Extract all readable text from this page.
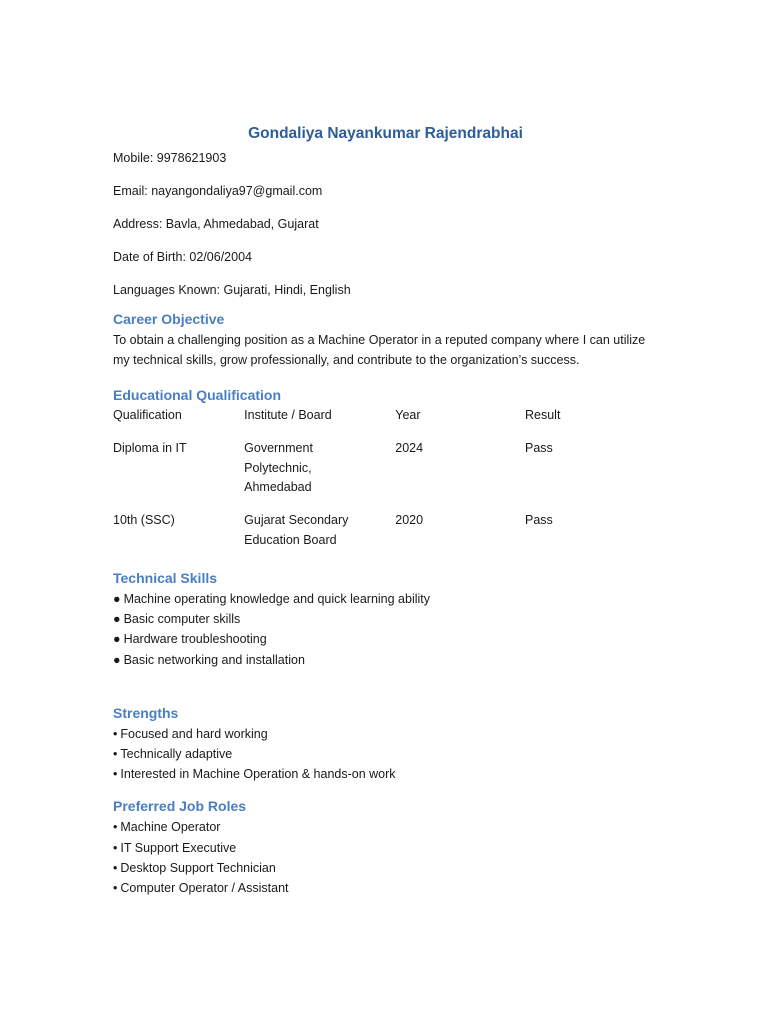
Gondaliya Nayankumar Rajendrabhai

Mobile: 9978621903

Email: nayangondaliya97@gmail.com

Address: Bavla, Ahmedabad, Gujarat

Date of Birth: 02/06/2004

Languages Known: Gujarati, Hindi, English

Career Objective

To obtain a challenging position as a Machine Operator in a reputed company where I can utilize my technical skills, grow professionally, and contribute to the organization’s success.

Educational Qualification
Qualification	Institute / Board	Year	Result
Diploma in IT	Government Polytechnic, Ahmedabad	2024	Pass
10th (SSC)	Gujarat Secondary Education Board	2020	Pass
Technical Skills
● Machine operating knowledge and quick learning ability
● Basic computer skills
● Hardware troubleshooting
● Basic networking and installation
Strengths
• Focused and hard working
• Technically adaptive
• Interested in Machine Operation & hands-on work
Preferred Job Roles
• Machine Operator
• IT Support Executive
• Desktop Support Technician
• Computer Operator / Assistant
